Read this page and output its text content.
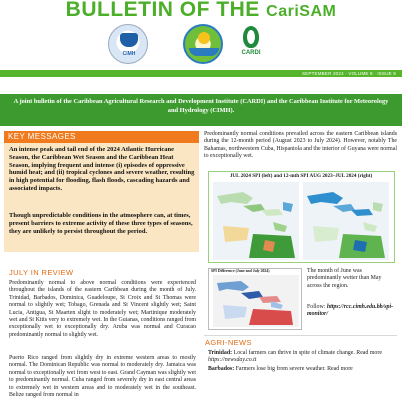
BULLETIN OF THE CariSAM
CIMH	CARDI
SEPTEMBER 2024 · VOLUME 8 · ISSUE 9

A joint bulletin of the Caribbean Agricultural Research and Development Institute (CARDI) and the Caribbean Institute for Meteorology and Hydrology (CIMH).

KEY MESSAGES
An intense peak and tail end of the 2024 Atlantic Hurricane Season, the Caribbean Wet Season and the Caribbean Heat Season, implying frequent and intense (i) episodes of oppressive humid heat; and (ii) tropical cyclones and severe weather, resulting in high potential for flooding, flash floods, cascading hazards and associated impacts.
Though unpredictable conditions in the atmosphere can, at times, present barriers to extreme activity of these three types of seasons, they are unlikely to persist throughout the period.
JULY IN REVIEW
Predominantly normal to above normal conditions were experienced throughout the islands of the eastern Caribbean during the month of July. Trinidad, Barbados, Dominica, Guadeloupe, St Croix and St Thomas were normal to slightly wet; Tobago, Grenada and St Vincent slightly wet; Saint Lucia, Antigua, St Maarten slight to moderately wet; Martinique moderately wet and St Kitts very to extremely wet. In the Guianas, conditions ranged from exceptionally wet to exceptionally dry. Aruba was normal and Curacao predominantly normal to slightly wet.
Puerto Rico ranged from slightly dry in extreme western areas to mostly normal. The Dominican Republic was normal to moderately dry. Jamaica was normal to exceptionally wet from west to east. Grand Cayman was slightly wet to predominantly normal. Cuba ranged from severely dry in east central areas to extremely wet in western areas and to moderately wet in the southeast. Belize ranged from normal in
Predominantly normal conditions prevailed across the eastern Caribbean islands during the 12-month period (August 2023 to July 2024). However, notably The Bahamas, northwestern Cuba, Hispaniola and the interior of Guyana were normal to exceptionally wet.
JUL 2024 SPI (left) and 12-mth SPI AUG 2023–JUL 2024 (right)
SPI Difference (June and July 2024)	The month of June was predominantly wetter than May across the region.
Follow: https://rcc.cimh.edu.bb/spi-monitor/
AGRI-NEWS
Trinidad: Local farmers can thrive in spite of climate change. Read more https://newsday.co.tt
Barbados: Farmers lose big from severe weather. Read more
